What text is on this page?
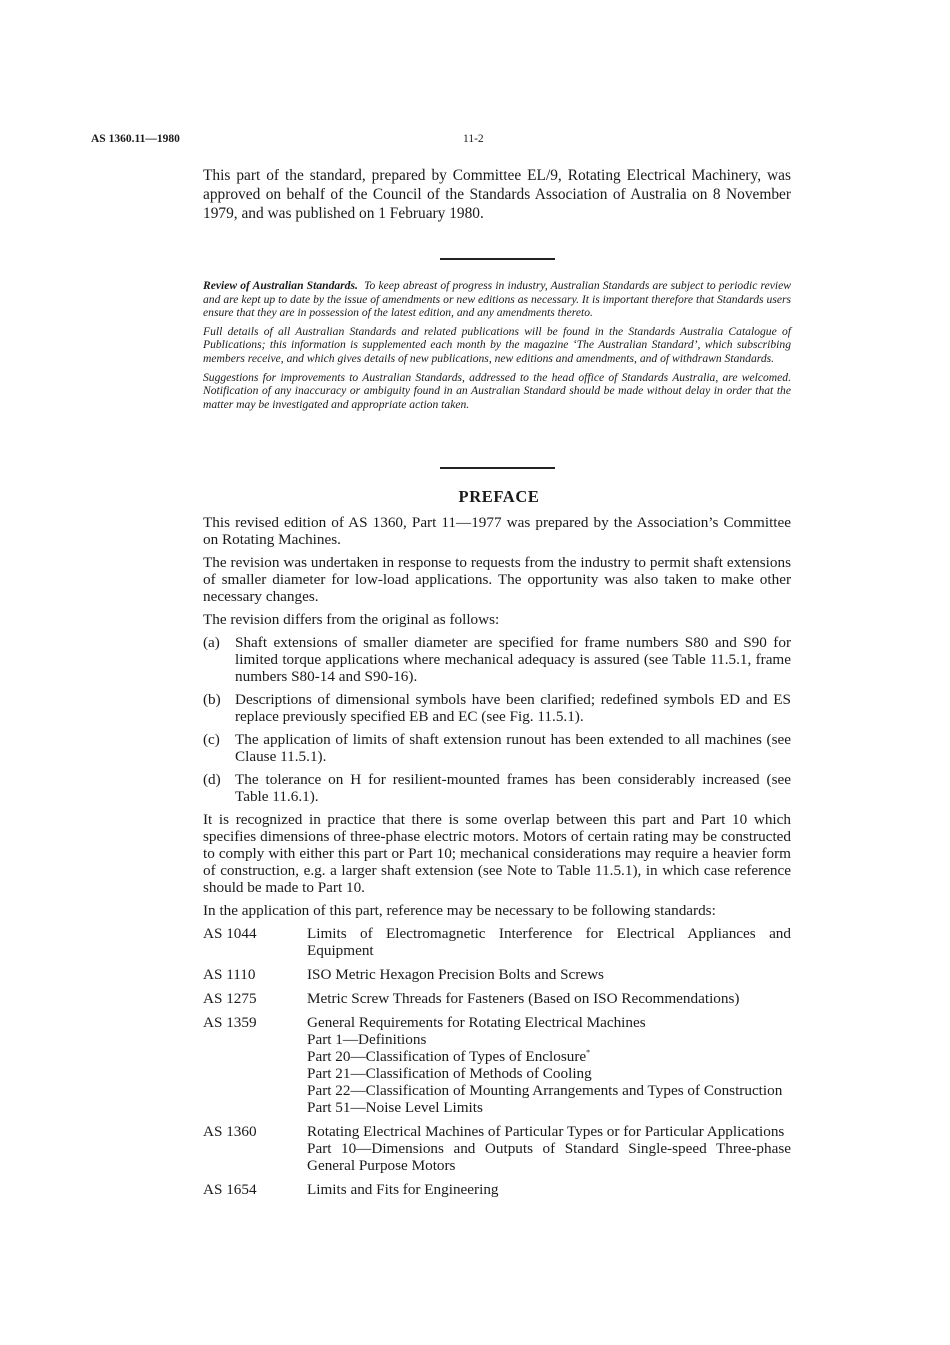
AS 1360.11—1980	11-2
This part of the standard, prepared by Committee EL/9, Rotating Electrical Machinery, was approved on behalf of the Council of the Standards Association of Australia on 8 November 1979, and was published on 1 February 1980.

Review of Australian Standards. To keep abreast of progress in industry, Australian Standards are subject to periodic review and are kept up to date by the issue of amendments or new editions as necessary. It is important therefore that Standards users ensure that they are in possession of the latest edition, and any amendments thereto.

Full details of all Australian Standards and related publications will be found in the Standards Australia Catalogue of Publications; this information is supplemented each month by the magazine ‘The Australian Standard’, which subscribing members receive, and which gives details of new publications, new editions and amendments, and of withdrawn Standards.

Suggestions for improvements to Australian Standards, addressed to the head office of Standards Australia, are welcomed. Notification of any inaccuracy or ambiguity found in an Australian Standard should be made without delay in order that the matter may be investigated and appropriate action taken.

PREFACE

This revised edition of AS 1360, Part 11—1977 was prepared by the Association’s Committee on Rotating Machines.

The revision was undertaken in response to requests from the industry to permit shaft extensions of smaller diameter for low-load applications. The opportunity was also taken to make other necessary changes.

The revision differs from the original as follows:

(a) Shaft extensions of smaller diameter are specified for frame numbers S80 and S90 for limited torque applications where mechanical adequacy is assured (see Table 11.5.1, frame numbers S80-14 and S90-16).
(b) Descriptions of dimensional symbols have been clarified; redefined symbols ED and ES replace previously specified EB and EC (see Fig. 11.5.1).
(c) The application of limits of shaft extension runout has been extended to all machines (see Clause 11.5.1).
(d) The tolerance on H for resilient-mounted frames has been considerably increased (see Table 11.6.1).

It is recognized in practice that there is some overlap between this part and Part 10 which specifies dimensions of three-phase electric motors. Motors of certain rating may be constructed to comply with either this part or Part 10; mechanical considerations may require a heavier form of construction, e.g. a larger shaft extension (see Note to Table 11.5.1), in which case reference should be made to Part 10.

In the application of this part, reference may be necessary to be following standards:

AS 1044	Limits of Electromagnetic Interference for Electrical Appliances and Equipment
AS 1110	ISO Metric Hexagon Precision Bolts and Screws
AS 1275	Metric Screw Threads for Fasteners (Based on ISO Recommendations)
AS 1359	General Requirements for Rotating Electrical Machines
Part 1—Definitions
Part 20—Classification of Types of Enclosure*
Part 21—Classification of Methods of Cooling
Part 22—Classification of Mounting Arrangements and Types of Construction
Part 51—Noise Level Limits
AS 1360	Rotating Electrical Machines of Particular Types or for Particular Applications
Part 10—Dimensions and Outputs of Standard Single-speed Three-phase General Purpose Motors
AS 1654	Limits and Fits for Engineering
